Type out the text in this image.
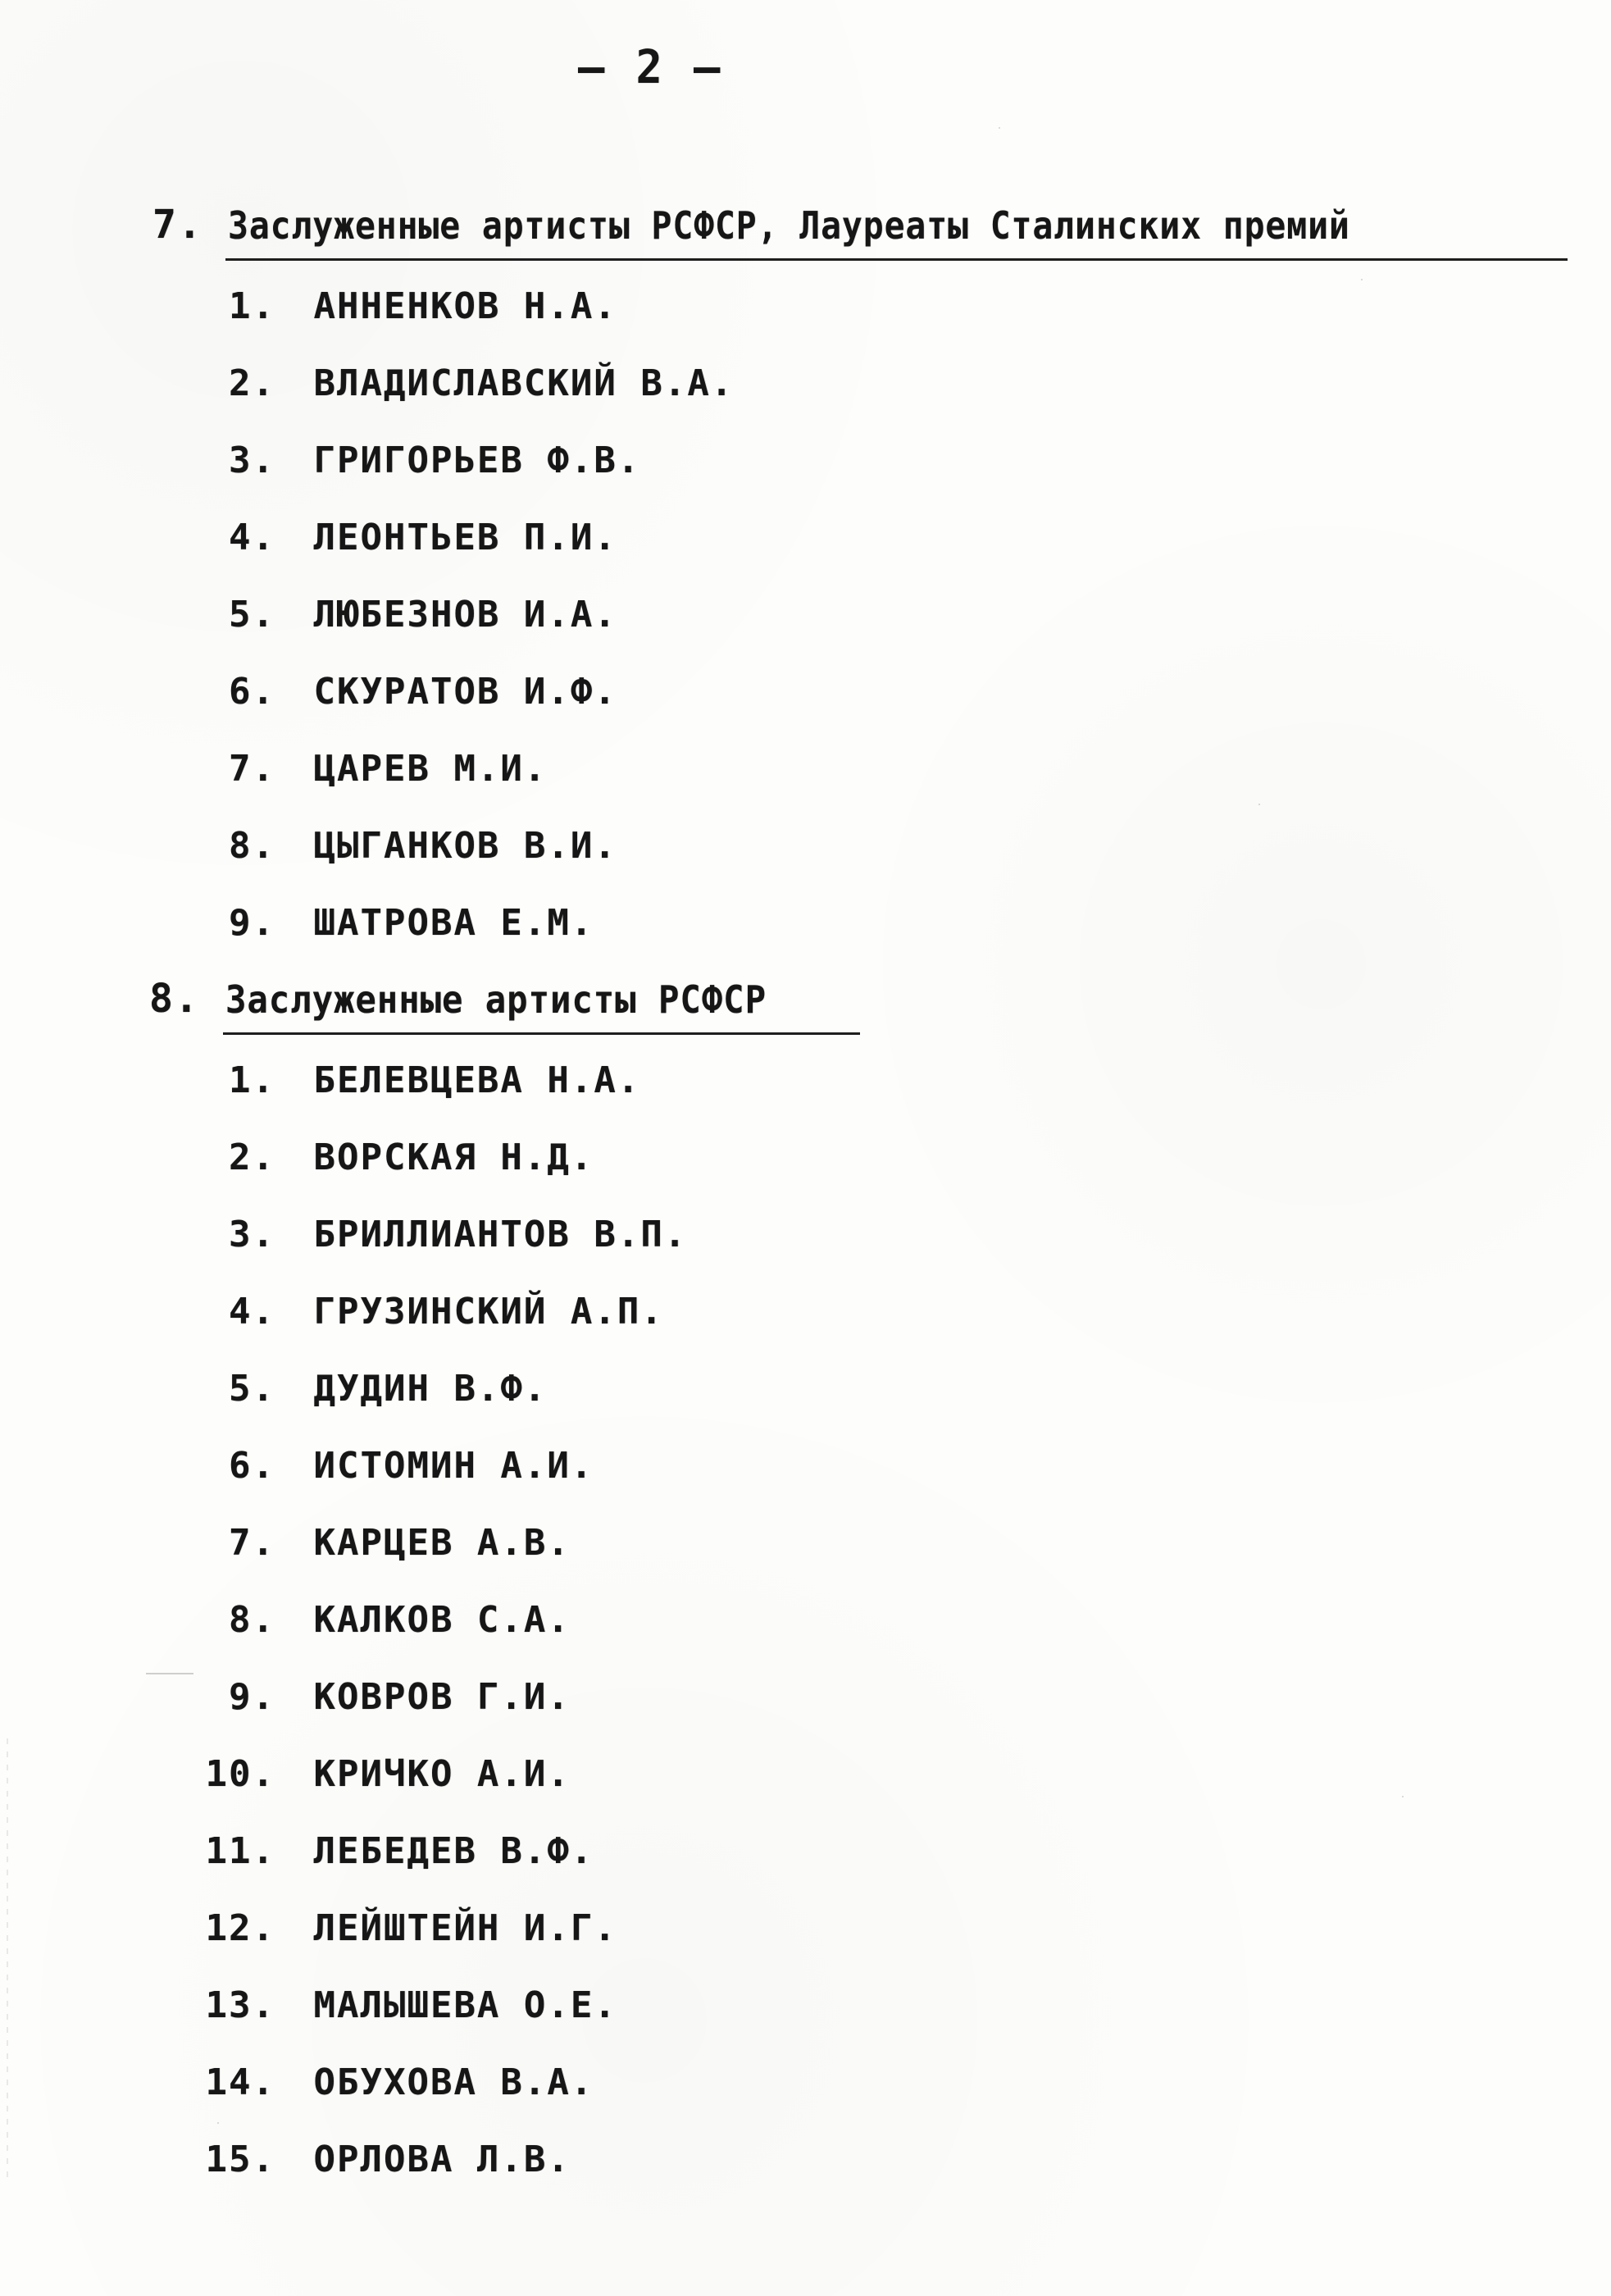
– 2 –
7. Заслуженные артисты РСФСР, Лауреаты Сталинских премий
1. АННЕНКОВ Н.А.
2. ВЛАДИСЛАВСКИЙ В.А.
3. ГРИГОРЬЕВ Ф.В.
4. ЛЕОНТЬЕВ П.И.
5. ЛЮБЕЗНОВ И.А.
6. СКУРАТОВ И.Ф.
7. ЦАРЕВ М.И.
8. ЦЫГАНКОВ В.И.
9. ШАТРОВА Е.М.
8. Заслуженные артисты РСФСР
1. БЕЛЕВЦЕВА Н.А.
2. ВОРСКАЯ Н.Д.
3. БРИЛЛИАНТОВ В.П.
4. ГРУЗИНСКИЙ А.П.
5. ДУДИН В.Ф.
6. ИСТОМИН А.И.
7. КАРЦЕВ А.В.
8. КАЛКОВ С.А.
9. КОВРОВ Г.И.
10. КРИЧКО А.И.
11. ЛЕБЕДЕВ В.Ф.
12. ЛЕЙШТЕЙН И.Г.
13. МАЛЫШЕВА О.Е.
14. ОБУХОВА В.А.
15. ОРЛОВА Л.В.
